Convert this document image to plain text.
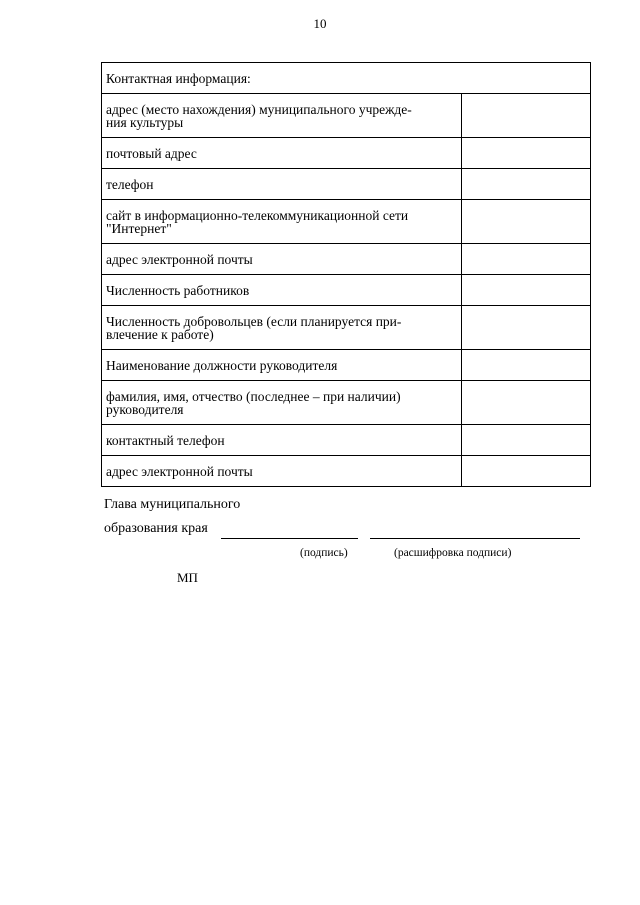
10
Контактная информация:	
адрес (место нахождения) муниципального учрежде-
ния культуры	
почтовый адрес	
телефон	
сайт в информационно-телекоммуникационной сети
"Интернет"	
адрес электронной почты	
Численность работников	
Численность добровольцев (если планируется при-
влечение к работе)	
Наименование должности руководителя	
фамилия, имя, отчество (последнее – при наличии)
руководителя	
контактный телефон	
адрес электронной почты	
Глава муниципального
образования края
(подпись)	(расшифровка подписи)
МП
